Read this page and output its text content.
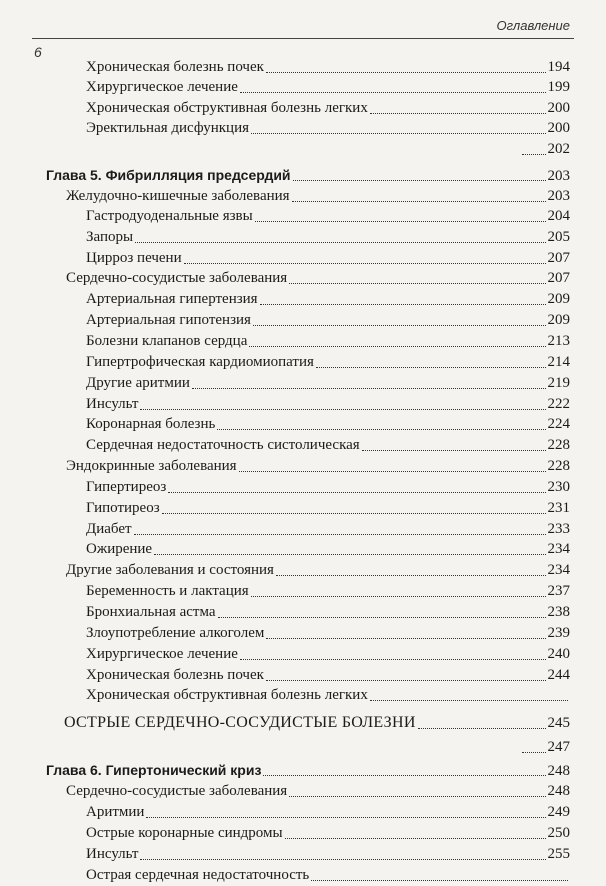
Оглавление
6
Хроническая болезнь почек	194
Хирургическое лечение	199
Хроническая обструктивная болезнь легких	200
Эректильная дисфункция	200
202
Глава 5. Фибрилляция предсердий	203
Желудочно-кишечные заболевания	203
Гастродуоденальные язвы	204
Запоры	205
Цирроз печени	207
Сердечно-сосудистые заболевания	207
Артериальная гипертензия	209
Артериальная гипотензия	209
Болезни клапанов сердца	213
Гипертрофическая кардиомиопатия	214
Другие аритмии	219
Инсульт	222
Коронарная болезнь	224
Сердечная недостаточность систолическая	228
Эндокринные заболевания	228
Гипертиреоз	230
Гипотиреоз	231
Диабет	233
Ожирение	234
Другие заболевания и состояния	234
Беременность и лактация	237
Бронхиальная астма	238
Злоупотребление алкоголем	239
Хирургическое лечение	240
Хроническая болезнь почек	244
Хроническая обструктивная болезнь легких
ОСТРЫЕ СЕРДЕЧНО-СОСУДИСТЫЕ БОЛЕЗНИ	245
247
Глава 6. Гипертонический криз	248
Сердечно-сосудистые заболевания	248
Аритмии	249
Острые коронарные синдромы	250
Инсульт	255
Острая сердечная недостаточность
